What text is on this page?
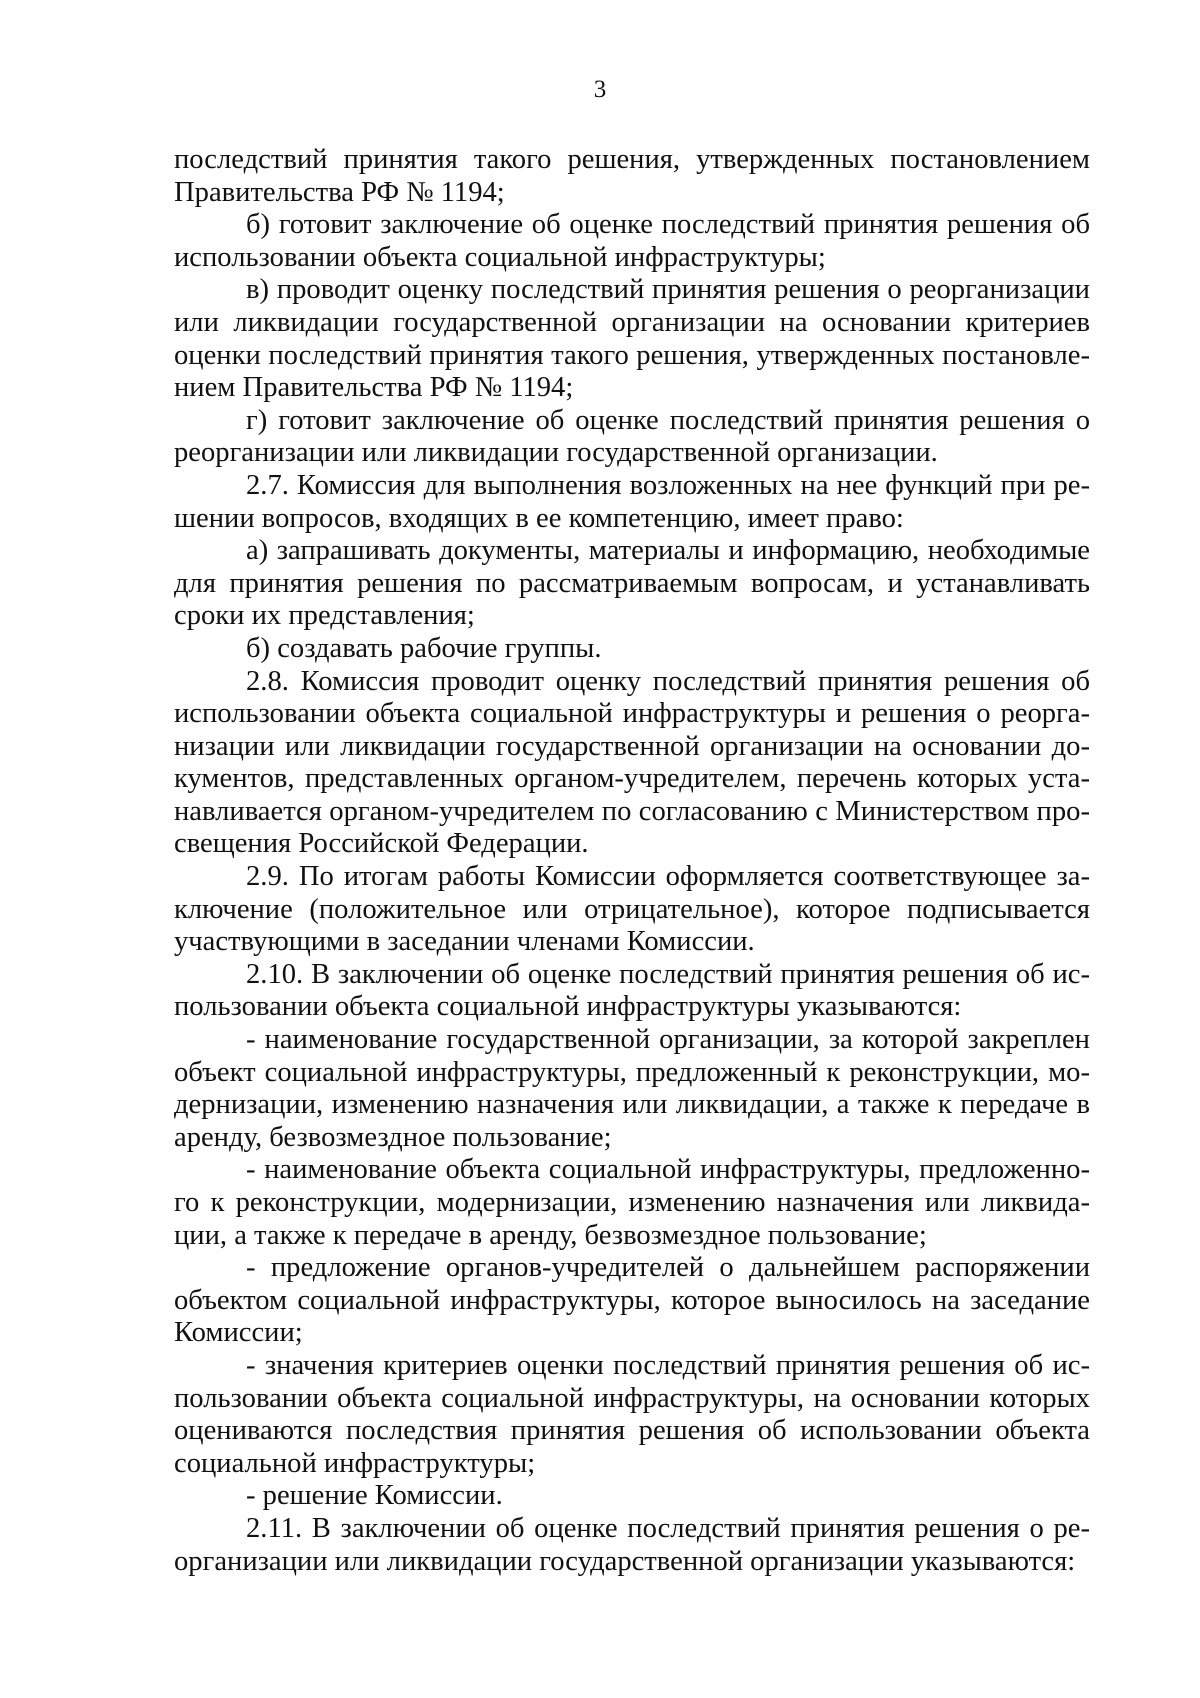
3

последствий принятия такого решения, утвержденных постановлением Правительства РФ № 1194;

б) готовит заключение об оценке последствий принятия решения об использовании объекта социальной инфраструктуры;

в) проводит оценку последствий принятия решения о реорганизации или ликвидации государственной организации на основании критериев оценки последствий принятия такого решения, утвержденных постановлением Правительства РФ № 1194;

г) готовит заключение об оценке последствий принятия решения о реорганизации или ликвидации государственной организации.

2.7. Комиссия для выполнения возложенных на нее функций при решении вопросов, входящих в ее компетенцию, имеет право:

а) запрашивать документы, материалы и информацию, необходимые для принятия решения по рассматриваемым вопросам, и устанавливать сроки их представления;

б) создавать рабочие группы.

2.8. Комиссия проводит оценку последствий принятия решения об использовании объекта социальной инфраструктуры и решения о реорганизации или ликвидации государственной организации на основании документов, представленных органом-учредителем, перечень которых устанавливается органом-учредителем по согласованию с Министерством просвещения Российской Федерации.

2.9. По итогам работы Комиссии оформляется соответствующее заключение (положительное или отрицательное), которое подписывается участвующими в заседании членами Комиссии.

2.10. В заключении об оценке последствий принятия решения об использовании объекта социальной инфраструктуры указываются:

- наименование государственной организации, за которой закреплен объект социальной инфраструктуры, предложенный к реконструкции, модернизации, изменению назначения или ликвидации, а также к передаче в аренду, безвозмездное пользование;

- наименование объекта социальной инфраструктуры, предложенного к реконструкции, модернизации, изменению назначения или ликвидации, а также к передаче в аренду, безвозмездное пользование;

- предложение органов-учредителей о дальнейшем распоряжении объектом социальной инфраструктуры, которое выносилось на заседание Комиссии;

- значения критериев оценки последствий принятия решения об использовании объекта социальной инфраструктуры, на основании которых оцениваются последствия принятия решения об использовании объекта социальной инфраструктуры;

- решение Комиссии.

2.11. В заключении об оценке последствий принятия решения о реорганизации или ликвидации государственной организации указываются:
